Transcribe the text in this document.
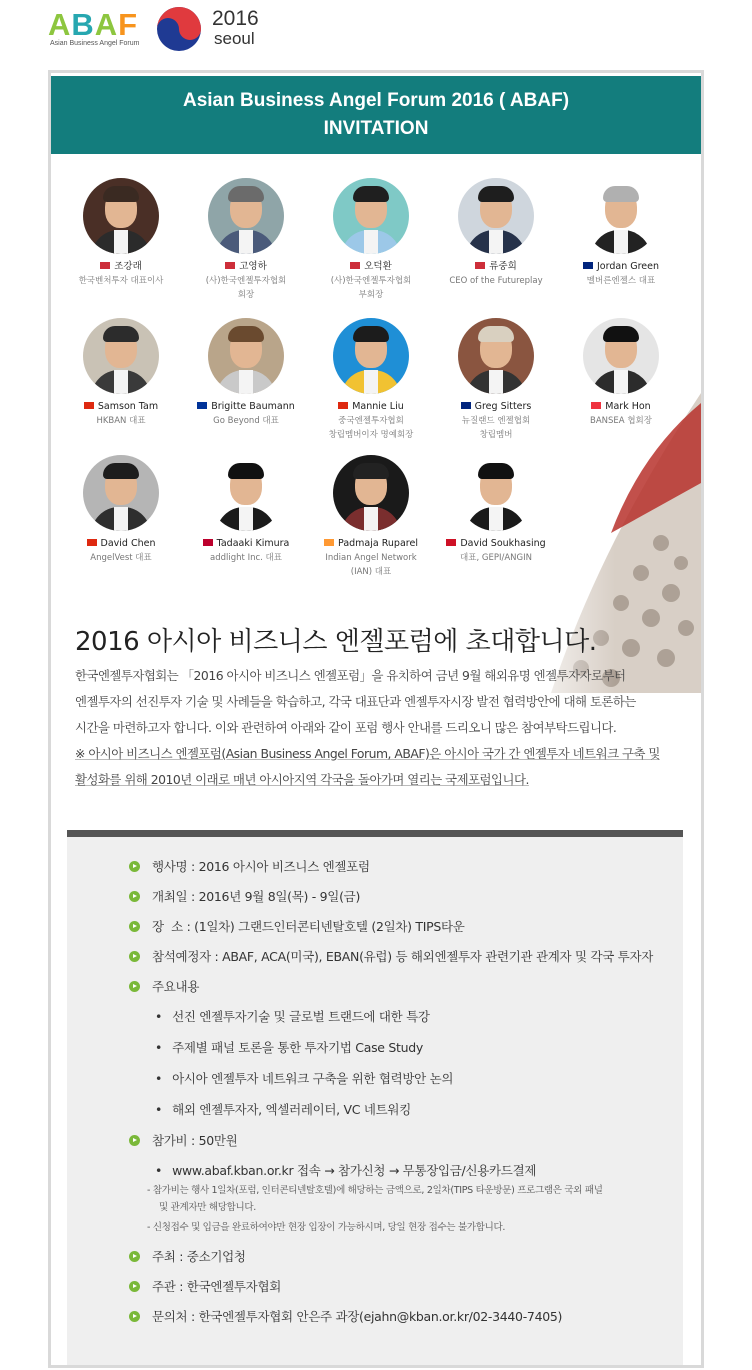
ABAF
Asian Business Angel Forum
2016
seoul
Asian Business Angel Forum 2016 ( ABAF)
INVITATION
조강래
한국벤처투자 대표이사
고영하
(사)한국엔젤투자협회
회장
오덕환
(사)한국엔젤투자협회
부회장
류중희
CEO of the Futureplay
Jordan Green
멜버른엔젤스 대표
Samson Tam
HKBAN 대표
Brigitte Baumann
Go Beyond 대표
Mannie Liu
중국엔젤투자협회
창립멤버이자 명예회장
Greg Sitters
뉴질랜드 엔젤협회
창립멤버
Mark Hon
BANSEA 협회장
David Chen
AngelVest 대표
Tadaaki Kimura
addlight Inc. 대표
Padmaja Ruparel
Indian Angel Network
(IAN) 대표
David Soukhasing
대표, GEPI/ANGIN
2016 아시아 비즈니스 엔젤포럼에 초대합니다.

한국엔젤투자협회는 「2016 아시아 비즈니스 엔젤포럼」을 유치하여 금년 9월 해외유명 엔젤투자자로부터

엔젤투자의 선진투자 기술 및 사례들을 학습하고, 각국 대표단과 엔젤투자시장 발전 협력방안에 대해 토론하는

시간을 마련하고자 합니다. 이와 관련하여 아래와 같이 포럼 행사 안내를 드리오니 많은 참여부탁드립니다.

※ 아시아 비즈니스 엔젤포럼(Asian Business Angel Forum, ABAF)은 아시아 국가 간 엔젤투자 네트워크 구축 및

활성화를 위해 2010년 이래로 매년 아시아지역 각국을 돌아가며 열리는 국제포럼입니다.

행사명 : 2016 아시아 비즈니스 엔젤포럼
개최일 : 2016년 9월 8일(목) - 9일(금)
장  소 : (1일차) 그랜드인터콘티넨탈호텔 (2일차) TIPS타운
참석예정자 : ABAF, ACA(미국), EBAN(유럽) 등 해외엔젤투자 관련기관 관계자 및 각국 투자자
주요내용
• 선진 엔젤투자기술 및 글로벌 트랜드에 대한 특강
• 주제별 패널 토론을 통한 투자기법 Case Study
• 아시아 엔젤투자 네트워크 구축을 위한 협력방안 논의
• 해외 엔젤투자자, 엑셀러레이터, VC 네트워킹
참가비 : 50만원
• www.abaf.kban.or.kr 접속 → 참가신청 → 무통장입금/신용카드결제
- 참가비는 행사 1일차(포럼, 인터콘티넨탈호텔)에 해당하는 금액으로, 2일차(TIPS 타운방문) 프로그램은 국외 패널
및 관계자만 해당합니다.
- 신청접수 및 입금을 완료하여야만 현장 입장이 가능하시며, 당일 현장 접수는 불가합니다.
주최 : 중소기업청
주관 : 한국엔젤투자협회
문의처 : 한국엔젤투자협회 안은주 과장(ejahn@kban.or.kr/02-3440-7405)
